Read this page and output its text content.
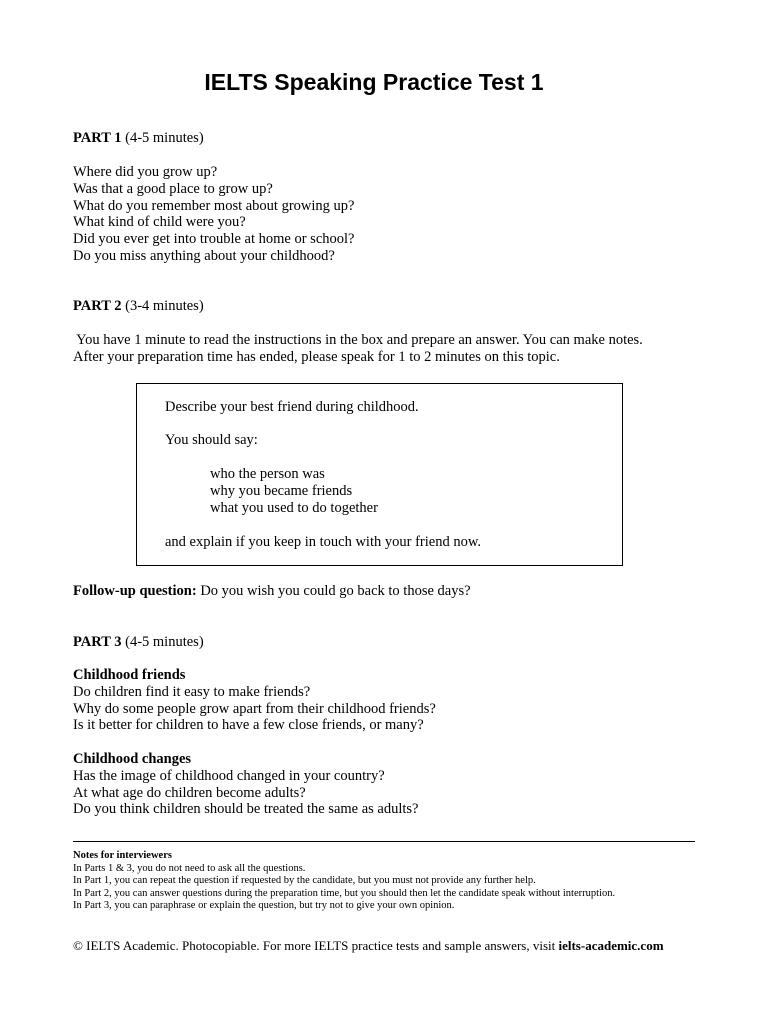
IELTS Speaking Practice Test 1
PART 1 (4-5 minutes)
Where did you grow up?
Was that a good place to grow up?
What do you remember most about growing up?
What kind of child were you?
Did you ever get into trouble at home or school?
Do you miss anything about your childhood?
PART 2 (3-4 minutes)
You have 1 minute to read the instructions in the box and prepare an answer. You can make notes.
After your preparation time has ended, please speak for 1 to 2 minutes on this topic.
Describe your best friend during childhood.
You should say:
who the person was
why you became friends
what you used to do together
and explain if you keep in touch with your friend now.
Follow-up question: Do you wish you could go back to those days?
PART 3 (4-5 minutes)
Childhood friends
Do children find it easy to make friends?
Why do some people grow apart from their childhood friends?
Is it better for children to have a few close friends, or many?
Childhood changes
Has the image of childhood changed in your country?
At what age do children become adults?
Do you think children should be treated the same as adults?
Notes for interviewers
In Parts 1 & 3, you do not need to ask all the questions.
In Part 1, you can repeat the question if requested by the candidate, but you must not provide any further help.
In Part 2, you can answer questions during the preparation time, but you should then let the candidate speak without interruption.
In Part 3, you can paraphrase or explain the question, but try not to give your own opinion.
© IELTS Academic. Photocopiable. For more IELTS practice tests and sample answers, visit ielts-academic.com
